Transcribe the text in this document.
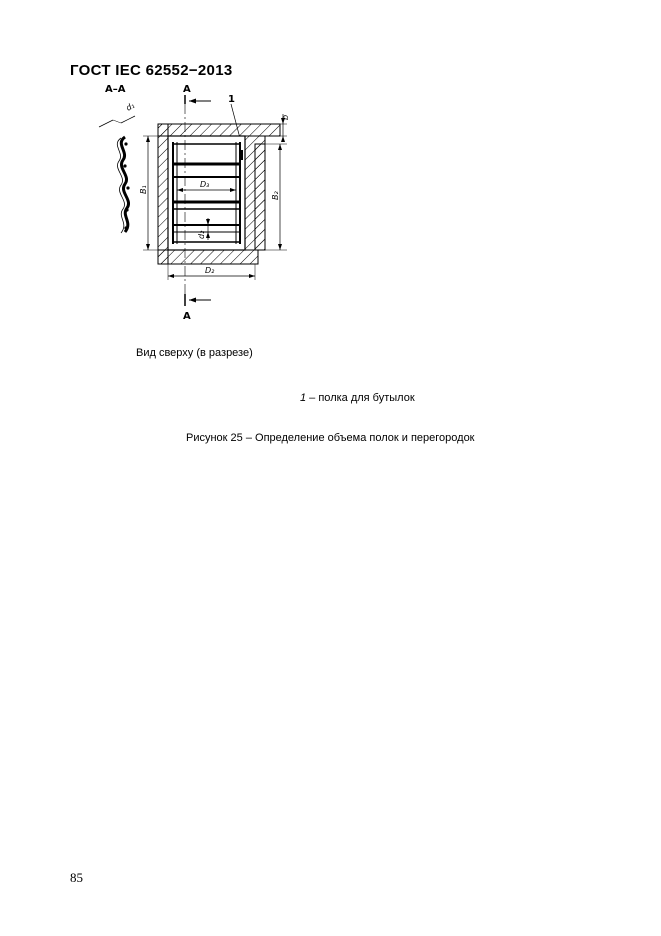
ГОСТ IEC 62552−2013
А–А	А
1
d₁
D₃
d₂
B₁
B₂
b
D₂
А
Вид сверху (в разрезе)
1 – полка для бутылок
Рисунок 25 – Определение объема полок и перегородок
85
